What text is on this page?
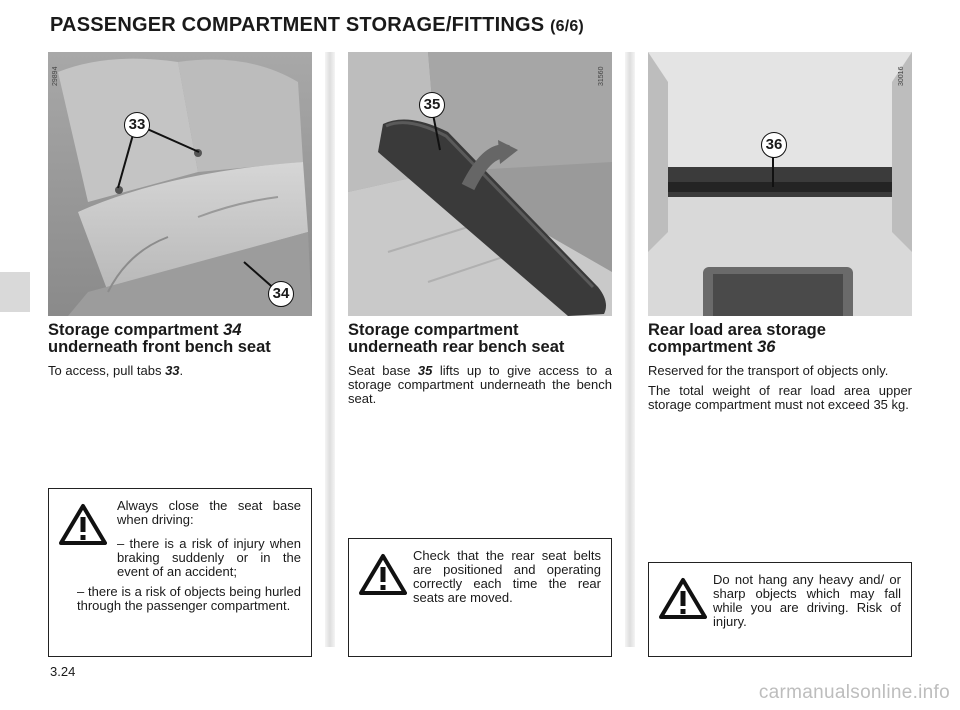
PASSENGER COMPARTMENT STORAGE/FITTINGS (6/6)
29894	31560	30016
33
34
35
36
Storage compartment 34
underneath front bench seat

To access, pull tabs 33.

Storage compartment
underneath rear bench seat

Seat base 35 lifts up to give access to a storage compartment underneath the bench seat.

Rear load area storage
compartment 36

Reserved for the transport of objects only.

The total weight of rear load area upper storage compartment must not exceed 35 kg.

Always close the seat base when driving:

– there is a risk of injury when braking suddenly or in the event of an accident;

– there is a risk of objects being hurled through the passenger compartment.

Check that the rear seat belts are positioned and operating correctly each time the rear seats are moved.

Do not hang any heavy and/ or sharp objects which may fall while you are driving. Risk of injury.

3.24
carmanualsonline.info
